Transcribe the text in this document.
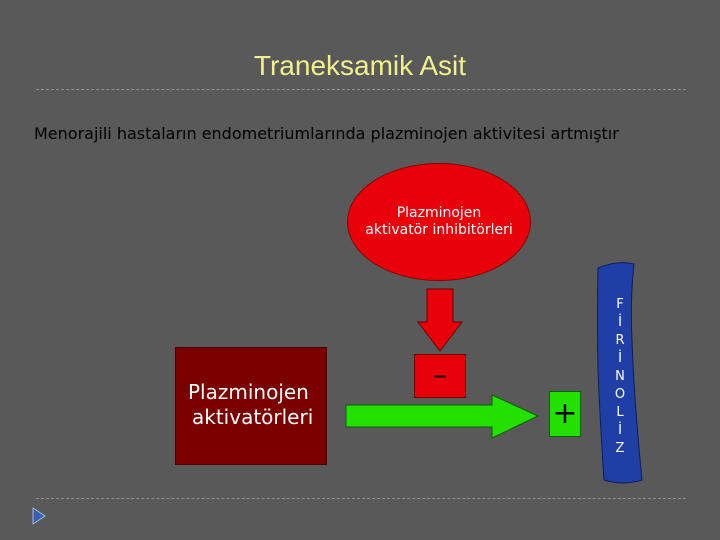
Traneksamik Asit
Menorajili hastaların endometriumlarında plazminojen aktivitesi artmıştır
Plazminojen
aktivatör inhibitörleri
Plazminojen
aktivatörleri
–
+
F
İ
R
İ
N
O
L
İ
Z
